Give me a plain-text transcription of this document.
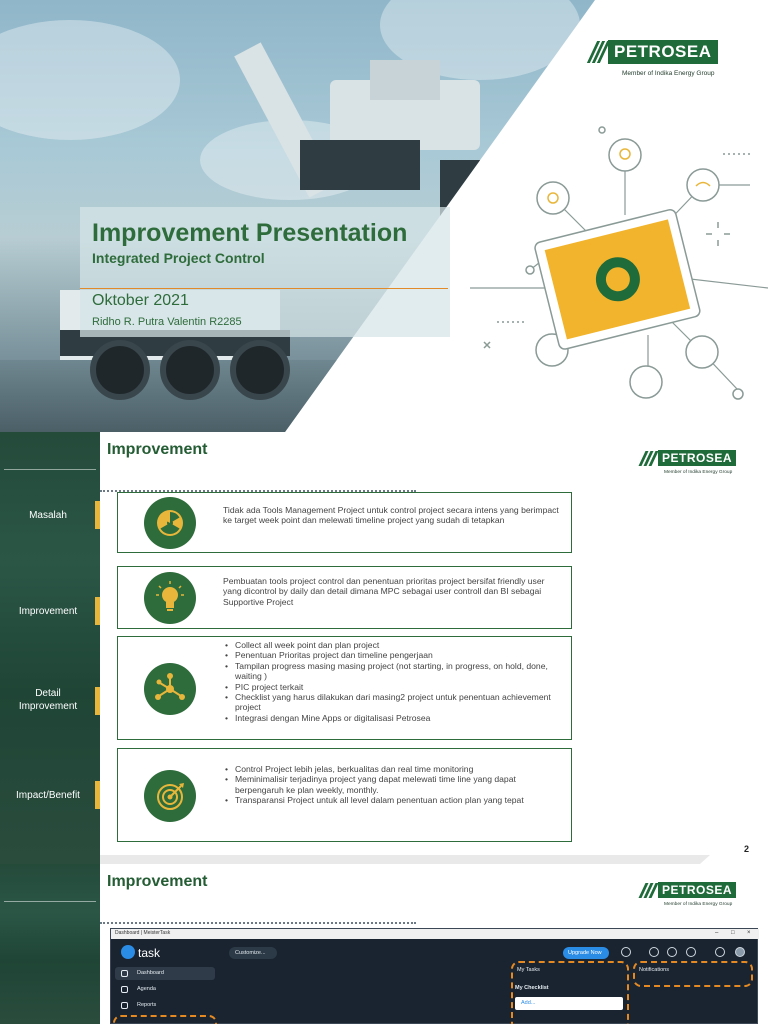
Improvement Presentation
Integrated Project Control
Oktober 2021
Ridho R. Putra Valentin R2285
PETROSEA
Member of Indika Energy Group
Masalah
Improvement
Detail Improvement
Impact/Benefit
Improvement	PETROSEA
Member of Indika Energy Group
Tidak ada Tools Management Project untuk control project secara intens yang berimpact ke target week point dan melewati timeline project yang sudah di tetapkan
Pembuatan tools project control dan penentuan prioritas project bersifat friendly user yang dicontrol by daily dan detail dimana MPC sebagai user controll dan BI sebagai Supportive Project
• Collect all week point dan plan project
• Penentuan Prioritas project dan timeline pengerjaan
• Tampilan progress masing masing project (not starting, in progress, on hold, done, waiting )
• PIC project terkait
• Checklist yang harus dilakukan dari masing2 project untuk penentuan achievement project
• Integrasi dengan Mine Apps or digitalisasi Petrosea
• Control Project lebih jelas, berkualitas dan real time monitoring
• Meminimalisir terjadinya project yang dapat melewati time line yang dapat berpengaruh ke plan weekly, monthly.
• Transparansi Project untuk all level dalam penentuan action plan yang tepat
2
Improvement	PETROSEA
Member of Indika Energy Group
Dashboard | MeisterTask	– □ ×
task	Customize...	Upgrade Now
Dashboard
Agenda
Reports
My Tasks
My Checklist
Add...
Notifications
